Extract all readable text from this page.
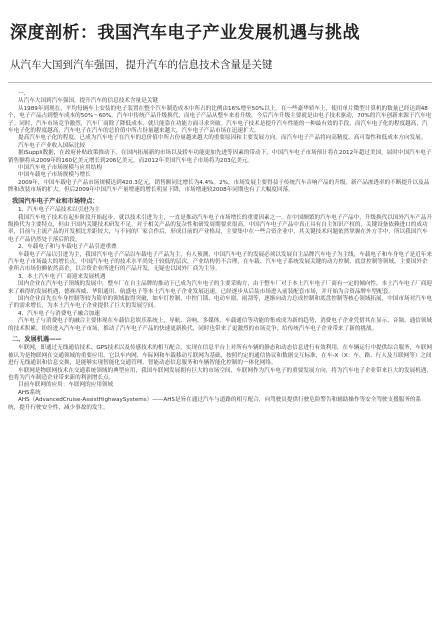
深度剖析：我国汽车电子产业发展机遇与挑战
从汽车大国到汽车强国，提升汽车的信息技术含量是关键

一、

从汽车大国到汽车强国，提升汽车的信息技术含量是关键

从1989年到现在，平均每辆车上安装的电子装置在整个汽车制造成本中所占的比例由16%增至50%以上。在一些豪华轿车上，使用单片微型计算机的数量已经达到48个，电子产品占到整车成本的50%～60%。汽车中传统产品升级换代，而电子产品从整车来看升级，今后汽车升级主要就是由电子技术驱动，70%的汽车创新来源于汽车电子。同时，汽车市场竞争激烈，汽车厂商除了降低成本，就只能靠在功能方面寻求突破。汽车电子技术是提升汽车性能的一种最有效的手段，而汽车电子化的程度越高，汽车电子化的程度越高，汽车电子在汽车的总价值中所占份量越来越大，汽车电子产品市场在迅速扩大。

提高汽车电子化的程度，已成为汽车电子在汽车的总价值中所占份量越来越大的重要原因和主要发展方向。而汽车电子产品将向高精度、高可靠性和低成本方向发展。

汽车电子产业收入国际比较

据iSuppli数据，在政府补贴政策推动下，在国内拓展新的市场以及轿车功能更加先进等因素的带动下，中国汽车电子市场预计将在2012年超过美国，届时中国汽车电子销售额将从2009年的160亿美元增长到206亿美元，而2012年美国汽车电子市场将为203亿美元。

中国汽车电子市场规模与应用结构

中国车载电子市场规模与增长

2009年，中国车载电子产品市场规模达到420.3亿元，销售额同比增长为4.4%。2%。市场发展主要得益于传统汽车音响产品的升级，新产品渗透率的不断提升以及品牌和改装市场的扩大。但后2009年中国汽车产量增速的增长明显下降，市场增速较2008年同期也有了大幅度回落。

我国汽车电子产业和市场特点：

1、汽车电子产品技术以引进为主

我国汽车电子技术在起步阶段开始起步，就以技术引进为主，一直是推动汽车电子市场增长的重要因素之一。在中国颇繁的汽车电子产品中，升级换代以国外汽车产品升级换代为主要特点，但由于国内关键技术研发不足，对于相关产品的复杂性和研发周期要求很高，中国汽车电子产品中真正具有自主知识产权的，关键设备依赖进口的成功率，目前与主流产品的开发相比差距较大，与不同的厂家合作后，形成目前的产业格局，主要集中在一些合资企业中，其关键技术问题依然掌握在外方手中，所以我国汽车电子产品仍然处于落后阶段。

2、车载电子和与车载电子产品引进重叠

车载电子产品以引进为主，我国汽车电子产品以车载电子产品为主，有人预测，中国汽车电子的发展必须以发展自主品牌汽车电子为主线，车载电子和车身电子是近年来汽车电子市场最大的增长点。中国汽车电子的技术水平尚处于较低的层次，产业结构仍不合理，在车载、汽车电子系统发展关键的动力控制、底盘控制等领域，主要国外企业所占市场份额依然高企，以合资企业所进行的产品开发，无疑也以国外厂商为主导。

3、本土汽车电子厂商迎来发展机遇

国内企业在汽车电子领域的发展中，整车厂在自主品牌的推动下已成为汽车电子的主要采购方，由于整车厂对于本土汽车电子厂商有一定的倾向性，本土汽车电子厂商迎来了难得的发展机遇，德赛西威、华阳通用、航盛电子等本土汽车电子企业发展迅速，已经逐步从后装市场进入前装配套市场，并开始为合资品牌车型配套。

国内企业首先在车身控制等较为简单的领域取得突破，如车灯控制、中控门锁、电动车窗、雨刮等，逐渐向动力总成控制和底盘控制等核心领域拓展，中国市场对汽车电子的需求增长，为本土汽车电子企业提供了巨大的发展空间。

4、汽车电子与消费电子融合加速

汽车电子与消费电子的融合主要体现在车载信息娱乐系统上，导航、音响、多媒体、车载通信等功能的集成成为新的趋势，消费电子企业凭借其在显示、音频、通信领域的技术积累，纷纷进入汽车电子市场，推动了汽车电子产品的快速更新换代，同时也带来了更激烈的市场竞争，给传统汽车电子企业带来了新的挑战。

二、发展机遇——

车联网，即通过无线通信技术、GPS技术以及传感技术的相互配合，实现在信息平台上对所有车辆的静态和动态信息进行有效利用，在车辆运行中提供综合服务，车联网被认为是物联网在交通领域的重要应用，它以车内网、车际网和车载移动互联网为基础，按照约定的通信协议和数据交互标准，在车-X（X：车、路、行人及互联网等）之间进行无线通讯和信息交换，是能够实现智能化交通管理、智能动态信息服务和车辆智能化控制的一体化网络。

车联网是物联网技术在交通系统领域的典型应用，我国车联网发展拥有巨大的市场空间，车联网作为汽车电子的重要发展方向，将为汽车电子企业带来巨大的发展机遇，也将为汽车制造企业带来新的利润增长点。

目前车联网的应用：车联网的应用领域

AHS系统

AHS（AdvancedCruise-AssistHighwaySystems）——AHS是旨在通过汽车与道路的相互配合，向驾驶员提供行驶危险警告和辅助操作等安全驾驶支援服务的系统，提升行驶安全性，减少事故的发生。
